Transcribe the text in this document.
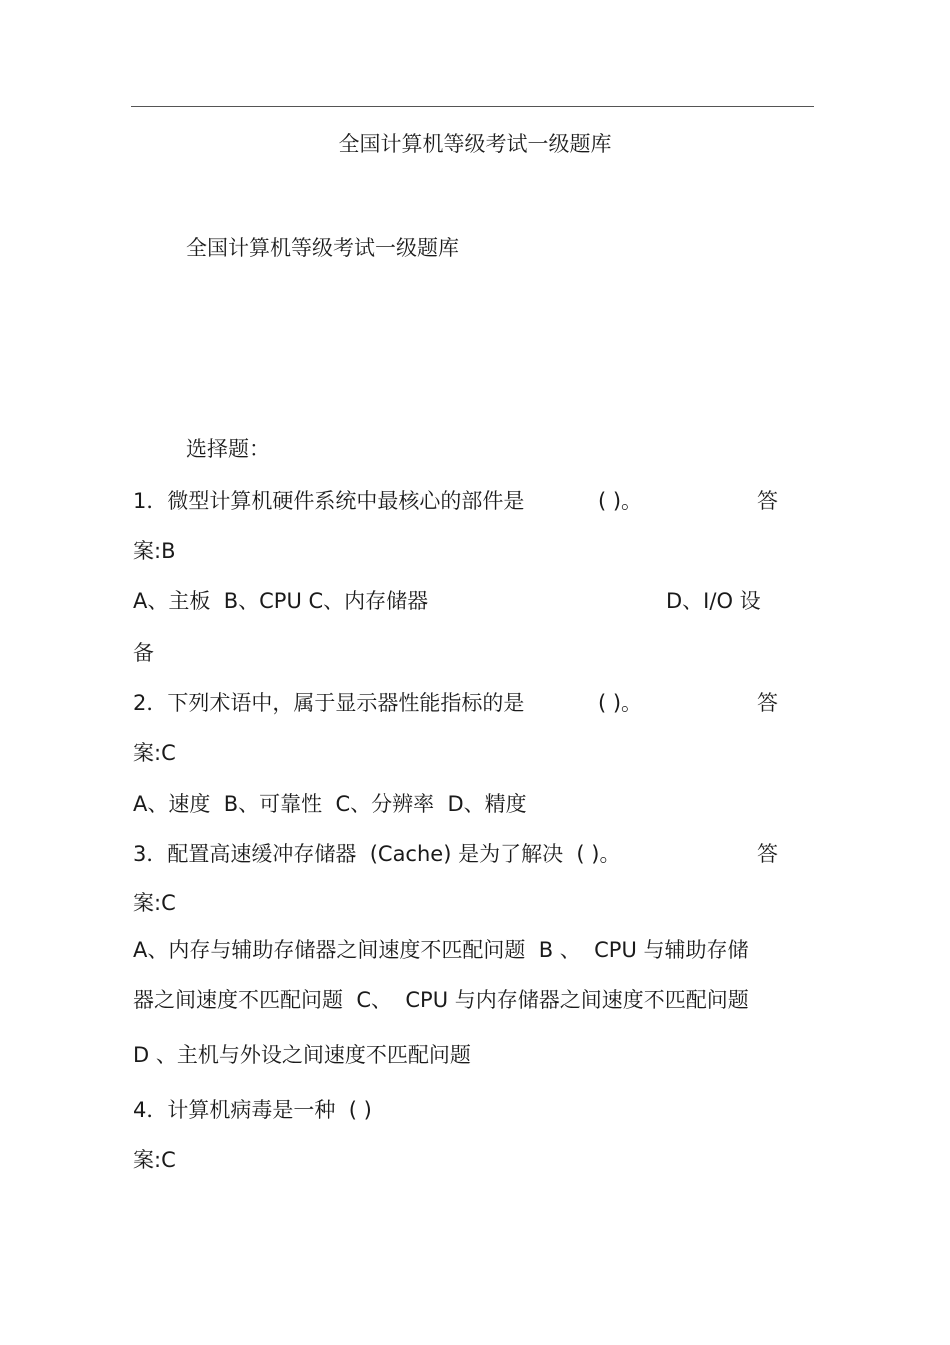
全国计算机等级考试一级题库
全国计算机等级考试一级题库
选择题：
1．微型计算机硬件系统中最核心的部件是	( )。	答
案:B
A、主板  B、CPU C、内存储器	D、I/O 设
备
2．下列术语中，属于显示器性能指标的是	( )。	答
案:C
A、速度  B、可靠性  C、分辨率  D、精度
3．配置高速缓冲存储器  (Cache) 是为了解决  ( )。	答
案:C
A、内存与辅助存储器之间速度不匹配问题  B 、  CPU 与辅助存储
器之间速度不匹配问题  C、  CPU 与内存储器之间速度不匹配问题
D 、主机与外设之间速度不匹配问题
4．计算机病毒是一种  ( )
案:C
